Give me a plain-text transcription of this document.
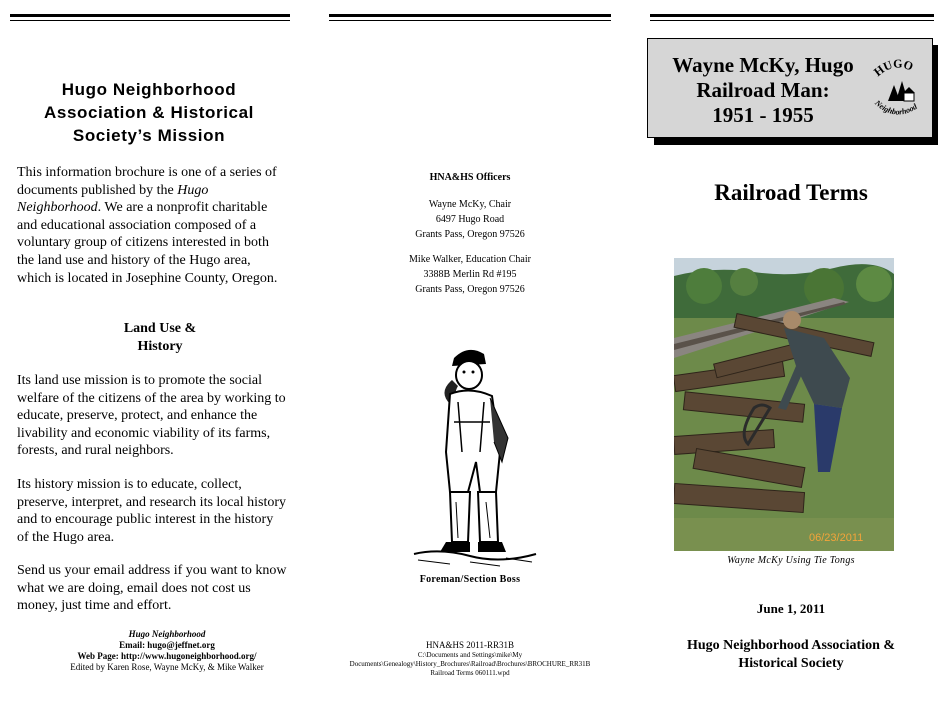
Hugo Neighborhood
Association & Historical
Society’s Mission
This information brochure is one of a series of documents published by the Hugo Neighborhood. We are a nonprofit charitable and educational association composed of a voluntary group of citizens interested in both the land use and history of the Hugo area, which is located in Josephine County, Oregon.
Land Use &
History
Its land use mission is to promote the social welfare of the citizens of the area by working to educate, preserve, protect, and enhance the livability and economic viability of its farms, forests, and rural neighbors.
Its history mission is to educate, collect, preserve, interpret, and research its local history and to encourage public interest in the history of the Hugo area.
Send us your email address if you want to know what we are doing, email does not cost us money, just time and effort.
Hugo Neighborhood
Email: hugo@jeffnet.org
Web Page: http://www.hugoneighborhood.org/
Edited by Karen Rose, Wayne McKy, & Mike Walker
HNA&HS Officers
Wayne McKy, Chair
6497 Hugo Road
Grants Pass, Oregon 97526
Mike Walker, Education Chair
3388B Merlin Rd #195
Grants Pass, Oregon 97526
Foreman/Section Boss
HNA&HS 2011-RR31B
C:\Documents and Settings\mike\My
Documents\Genealogy\History_Brochures\Railroad\Brochures\BROCHURE_RR31B
Railroad Terms 060111.wpd
Wayne McKy, Hugo
Railroad Man:
1951 - 1955
HUGO
Neighborhood
Railroad Terms
06/23/2011
Wayne McKy Using Tie Tongs
June 1, 2011
Hugo Neighborhood Association &
Historical Society
